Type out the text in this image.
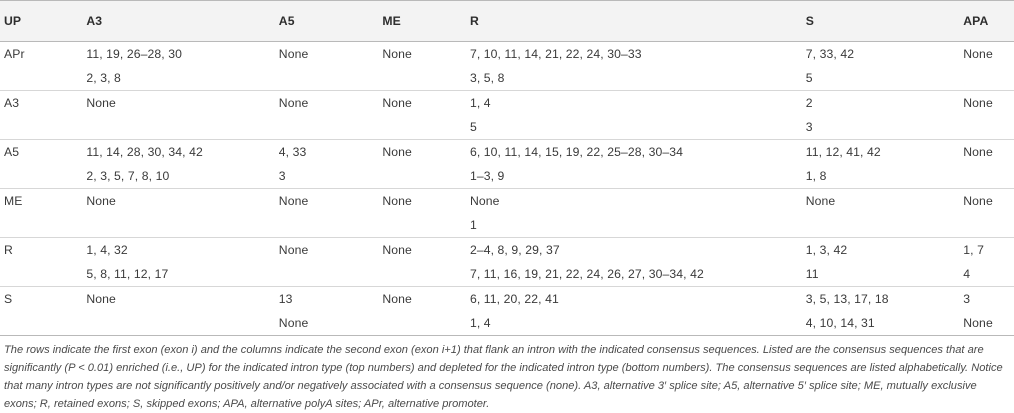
UP	A3	A5	ME	R	S	APA
APr	11, 19, 26–28, 30	None	None	7, 10, 11, 14, 21, 22, 24, 30–33	7, 33, 42	None
	2, 3, 8			3, 5, 8	5	
A3	None	None	None	1, 4	2	None
				5	3	
A5	11, 14, 28, 30, 34, 42	4, 33	None	6, 10, 11, 14, 15, 19, 22, 25–28, 30–34	11, 12, 41, 42	None
	2, 3, 5, 7, 8, 10	3		1–3, 9	1, 8	
ME	None	None	None	None	None	None
				1		
R	1, 4, 32	None	None	2–4, 8, 9, 29, 37	1, 3, 42	1, 7
	5, 8, 11, 12, 17			7, 11, 16, 19, 21, 22, 24, 26, 27, 30–34, 42	11	4
S	None	13	None	6, 11, 20, 22, 41	3, 5, 13, 17, 18	3
		None		1, 4	4, 10, 14, 31	None

The rows indicate the first exon (exon i) and the columns indicate the second exon (exon i+1) that flank an intron with the indicated consensus sequences. Listed are the consensus sequences that are significantly (P < 0.01) enriched (i.e., UP) for the indicated intron type (top numbers) and depleted for the indicated intron type (bottom numbers). The consensus sequences are listed alphabetically. Notice that many intron types are not significantly positively and/or negatively associated with a consensus sequence (none). A3, alternative 3′ splice site; A5, alternative 5′ splice site; ME, mutually exclusive exons; R, retained exons; S, skipped exons; APA, alternative polyA sites; APr, alternative promoter.
